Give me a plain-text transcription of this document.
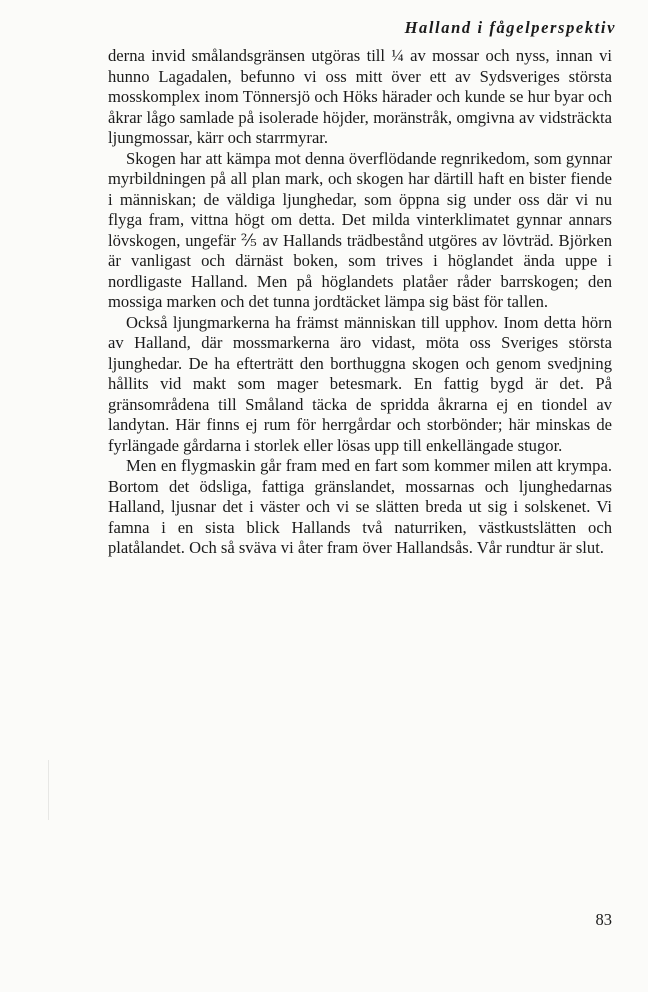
Halland i fågelperspektiv

derna invid smålandsgränsen utgöras till ¼ av mossar och nyss, innan vi hunno Lagadalen, befunno vi oss mitt över ett av Sydsveriges största mosskomplex inom Tönnersjö och Höks härader och kunde se hur byar och åkrar lågo samlade på isolerade höjder, moränstråk, omgivna av vidsträckta ljungmossar, kärr och starrmyrar.

Skogen har att kämpa mot denna överflödande regnrikedom, som gynnar myrbildningen på all plan mark, och skogen har därtill haft en bister fiende i människan; de väldiga ljunghedar, som öppna sig under oss där vi nu flyga fram, vittna högt om detta. Det milda vinterklimatet gynnar annars lövskogen, ungefär ⅖ av Hallands trädbestånd utgöres av lövträd. Björken är vanligast och därnäst boken, som trives i höglandet ända uppe i nordligaste Halland. Men på höglandets platåer råder barrskogen; den mossiga marken och det tunna jordtäcket lämpa sig bäst för tallen.

Också ljungmarkerna ha främst människan till upphov. Inom detta hörn av Halland, där mossmarkerna äro vidast, möta oss Sveriges största ljunghedar. De ha efterträtt den borthuggna skogen och genom svedjning hållits vid makt som mager betesmark. En fattig bygd är det. På gränsområdena till Småland täcka de spridda åkrarna ej en tiondel av landytan. Här finns ej rum för herrgårdar och storbönder; här minskas de fyrlängade gårdarna i storlek eller lösas upp till enkellängade stugor.

Men en flygmaskin går fram med en fart som kommer milen att krympa. Bortom det ödsliga, fattiga gränslandet, mossarnas och ljunghedarnas Halland, ljusnar det i väster och vi se slätten breda ut sig i solskenet. Vi famna i en sista blick Hallands två naturriken, västkustslätten och platålandet. Och så sväva vi åter fram över Hallandsås. Vår rundtur är slut.

83
